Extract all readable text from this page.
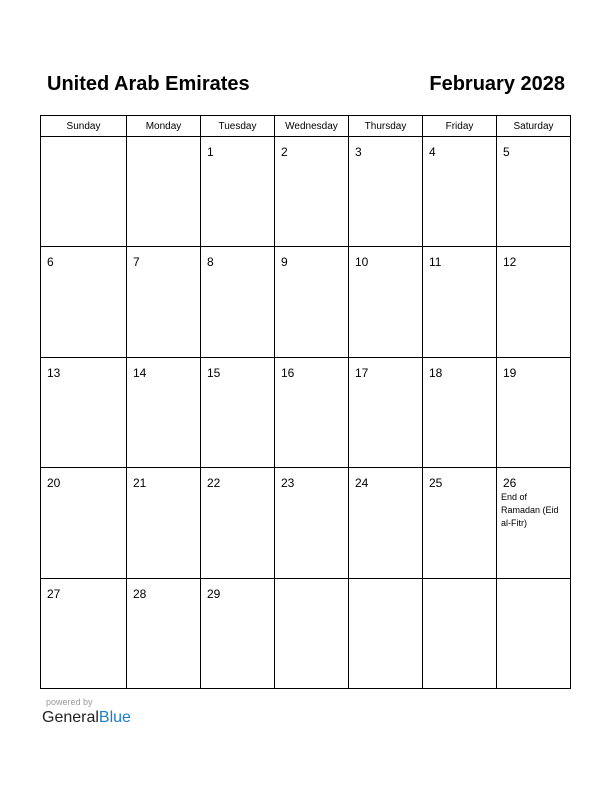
United Arab Emirates	February 2028
Sunday	Monday	Tuesday	Wednesday	Thursday	Friday	Saturday

		1	2	3	4	5

6	7	8	9	10	11	12

13	14	15	16	17	18	19

20	21	22	23	24	25	26
End of Ramadan (Eid al-Fitr)

27	28	29				

powered by
GeneralBlue
